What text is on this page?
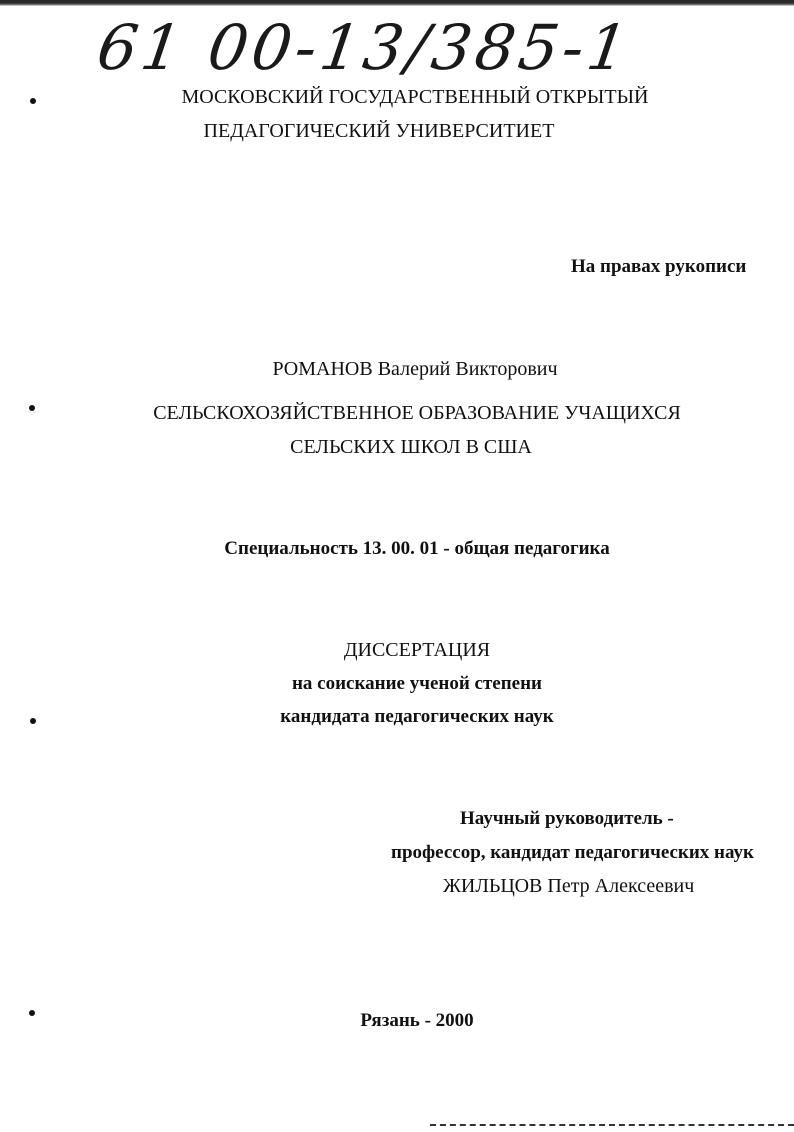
61 00-13/385-1
МОСКОВСКИЙ ГОСУДАРСТВЕННЫЙ ОТКРЫТЫЙ
ПЕДАГОГИЧЕСКИЙ УНИВЕРСИТИЕТ
На правах рукописи
РОМАНОВ Валерий Викторович
СЕЛЬСКОХОЗЯЙСТВЕННОЕ ОБРАЗОВАНИЕ УЧАЩИХСЯ
СЕЛЬСКИХ ШКОЛ В США
Специальность 13. 00. 01 - общая педагогика
ДИССЕРТАЦИЯ
на соискание ученой степени
кандидата педагогических наук
Научный руководитель -
профессор, кандидат педагогических наук
ЖИЛЬЦОВ Петр Алексеевич
Рязань - 2000
